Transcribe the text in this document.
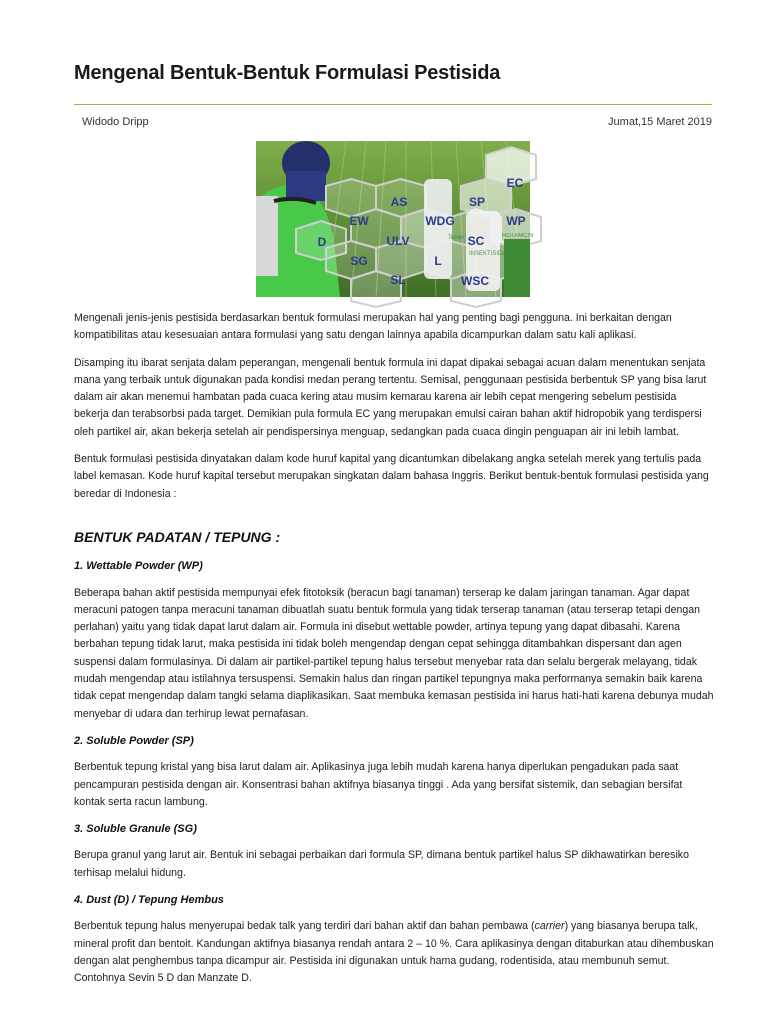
Mengenal Bentuk-Bentuk Formulasi Pestisida
Widodo Dripp	Jumat,15 Maret 2019
EC
AS	SP
EW	WDG	WP
D	ULV	SC
SG	L
SL	WSC
Tenex
INSEKTISIDA
ROTAMCIN

Mengenali jenis-jenis pestisida berdasarkan bentuk formulasi merupakan hal yang penting bagi pengguna. Ini berkaitan dengan kompatibilitas atau kesesuaian antara formulasi yang satu dengan lainnya apabila dicampurkan dalam satu kali aplikasi.

Disamping itu ibarat senjata dalam peperangan, mengenali bentuk formula ini dapat dipakai sebagai acuan dalam menentukan senjata mana yang terbaik untuk digunakan pada kondisi medan perang tertentu. Semisal, penggunaan pestisida berbentuk SP yang bisa larut dalam air akan menemui hambatan pada cuaca kering atau musim kemarau karena air lebih cepat mengering sebelum pestisida bekerja dan terabsorbsi pada target. Demikian pula formula EC yang merupakan emulsi cairan bahan aktif hidropobik yang terdispersi oleh partikel air, akan bekerja setelah air pendispersinya menguap, sedangkan pada cuaca dingin penguapan air ini lebih lambat.

Bentuk formulasi pestisida dinyatakan dalam kode huruf kapital yang dicantumkan dibelakang angka setelah merek yang tertulis pada label kemasan. Kode huruf kapital tersebut merupakan singkatan dalam bahasa Inggris. Berikut bentuk-bentuk formulasi pestisida yang beredar di Indonesia :

BENTUK PADATAN / TEPUNG :
1. Wettable Powder (WP)

Beberapa bahan aktif pestisida mempunyai efek fitotoksik (beracun bagi tanaman) terserap ke dalam jaringan tanaman. Agar dapat meracuni patogen tanpa meracuni tanaman dibuatlah suatu bentuk formula yang tidak terserap tanaman (atau terserap tetapi dengan perlahan) yaitu yang tidak dapat larut dalam air. Formula ini disebut wettable powder, artinya tepung yang dapat dibasahi. Karena berbahan tepung tidak larut, maka pestisida ini tidak boleh mengendap dengan cepat sehingga ditambahkan dispersant dan agen suspensi dalam formulasinya. Di dalam air partikel-partikel tepung halus tersebut menyebar rata dan selalu bergerak melayang, tidak mudah mengendap atau istilahnya tersuspensi. Semakin halus dan ringan partikel tepungnya maka performanya semakin baik karena tidak cepat mengendap dalam tangki selama diaplikasikan. Saat membuka kemasan pestisida ini harus hati-hati karena debunya mudah menyebar di udara dan terhirup lewat pernafasan.

2. Soluble Powder (SP)

Berbentuk tepung kristal yang bisa larut dalam air. Aplikasinya juga lebih mudah karena hanya diperlukan pengadukan pada saat pencampuran pestisida dengan air. Konsentrasi bahan aktifnya biasanya tinggi . Ada yang bersifat sistemik, dan sebagian bersifat kontak serta racun lambung.

3. Soluble Granule (SG)

Berupa granul yang larut air. Bentuk ini sebagai perbaikan dari formula SP, dimana bentuk partikel halus SP dikhawatirkan beresiko terhisap melalui hidung.

4. Dust (D) / Tepung Hembus

Berbentuk tepung halus menyerupai bedak talk yang terdiri dari bahan aktif dan bahan pembawa (carrier) yang biasanya berupa talk, mineral profit dan bentoit. Kandungan aktifnya biasanya rendah antara 2 – 10 %. Cara aplikasinya dengan ditaburkan atau dihembuskan dengan alat penghembus tanpa dicampur air. Pestisida ini digunakan untuk hama gudang, rodentisida, atau membunuh semut. Contohnya Sevin 5 D dan Manzate D.
